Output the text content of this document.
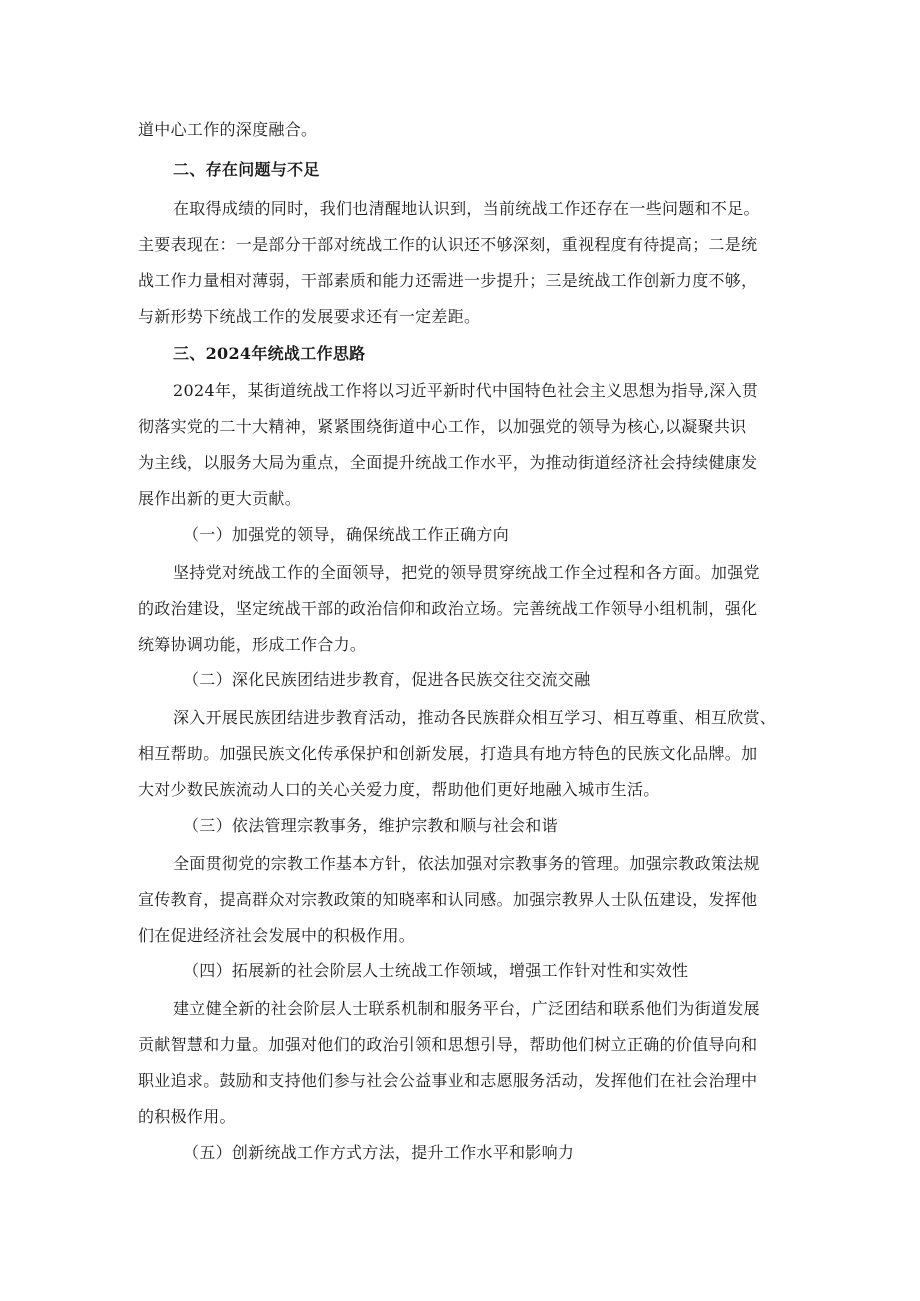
道中心工作的深度融合。
二、存在问题与不足
在取得成绩的同时，我们也清醒地认识到，当前统战工作还存在一些问题和不足。
主要表现在：一是部分干部对统战工作的认识还不够深刻，重视程度有待提高；二是统
战工作力量相对薄弱，干部素质和能力还需进一步提升；三是统战工作创新力度不够，
与新形势下统战工作的发展要求还有一定差距。
三、2024年统战工作思路
2024年，某街道统战工作将以习近平新时代中国特色社会主义思想为指导,深入贯
彻落实党的二十大精神，紧紧围绕街道中心工作，以加强党的领导为核心,以凝聚共识
为主线，以服务大局为重点，全面提升统战工作水平，为推动街道经济社会持续健康发
展作出新的更大贡献。
（一）加强党的领导，确保统战工作正确方向
坚持党对统战工作的全面领导，把党的领导贯穿统战工作全过程和各方面。加强党
的政治建设，坚定统战干部的政治信仰和政治立场。完善统战工作领导小组机制，强化
统筹协调功能，形成工作合力。
（二）深化民族团结进步教育，促进各民族交往交流交融
深入开展民族团结进步教育活动，推动各民族群众相互学习、相互尊重、相互欣赏、
相互帮助。加强民族文化传承保护和创新发展，打造具有地方特色的民族文化品牌。加
大对少数民族流动人口的关心关爱力度，帮助他们更好地融入城市生活。
（三）依法管理宗教事务，维护宗教和顺与社会和谐
全面贯彻党的宗教工作基本方针，依法加强对宗教事务的管理。加强宗教政策法规
宣传教育，提高群众对宗教政策的知晓率和认同感。加强宗教界人士队伍建设，发挥他
们在促进经济社会发展中的积极作用。
（四）拓展新的社会阶层人士统战工作领域，增强工作针对性和实效性
建立健全新的社会阶层人士联系机制和服务平台，广泛团结和联系他们为街道发展
贡献智慧和力量。加强对他们的政治引领和思想引导，帮助他们树立正确的价值导向和
职业追求。鼓励和支持他们参与社会公益事业和志愿服务活动，发挥他们在社会治理中
的积极作用。
（五）创新统战工作方式方法，提升工作水平和影响力
